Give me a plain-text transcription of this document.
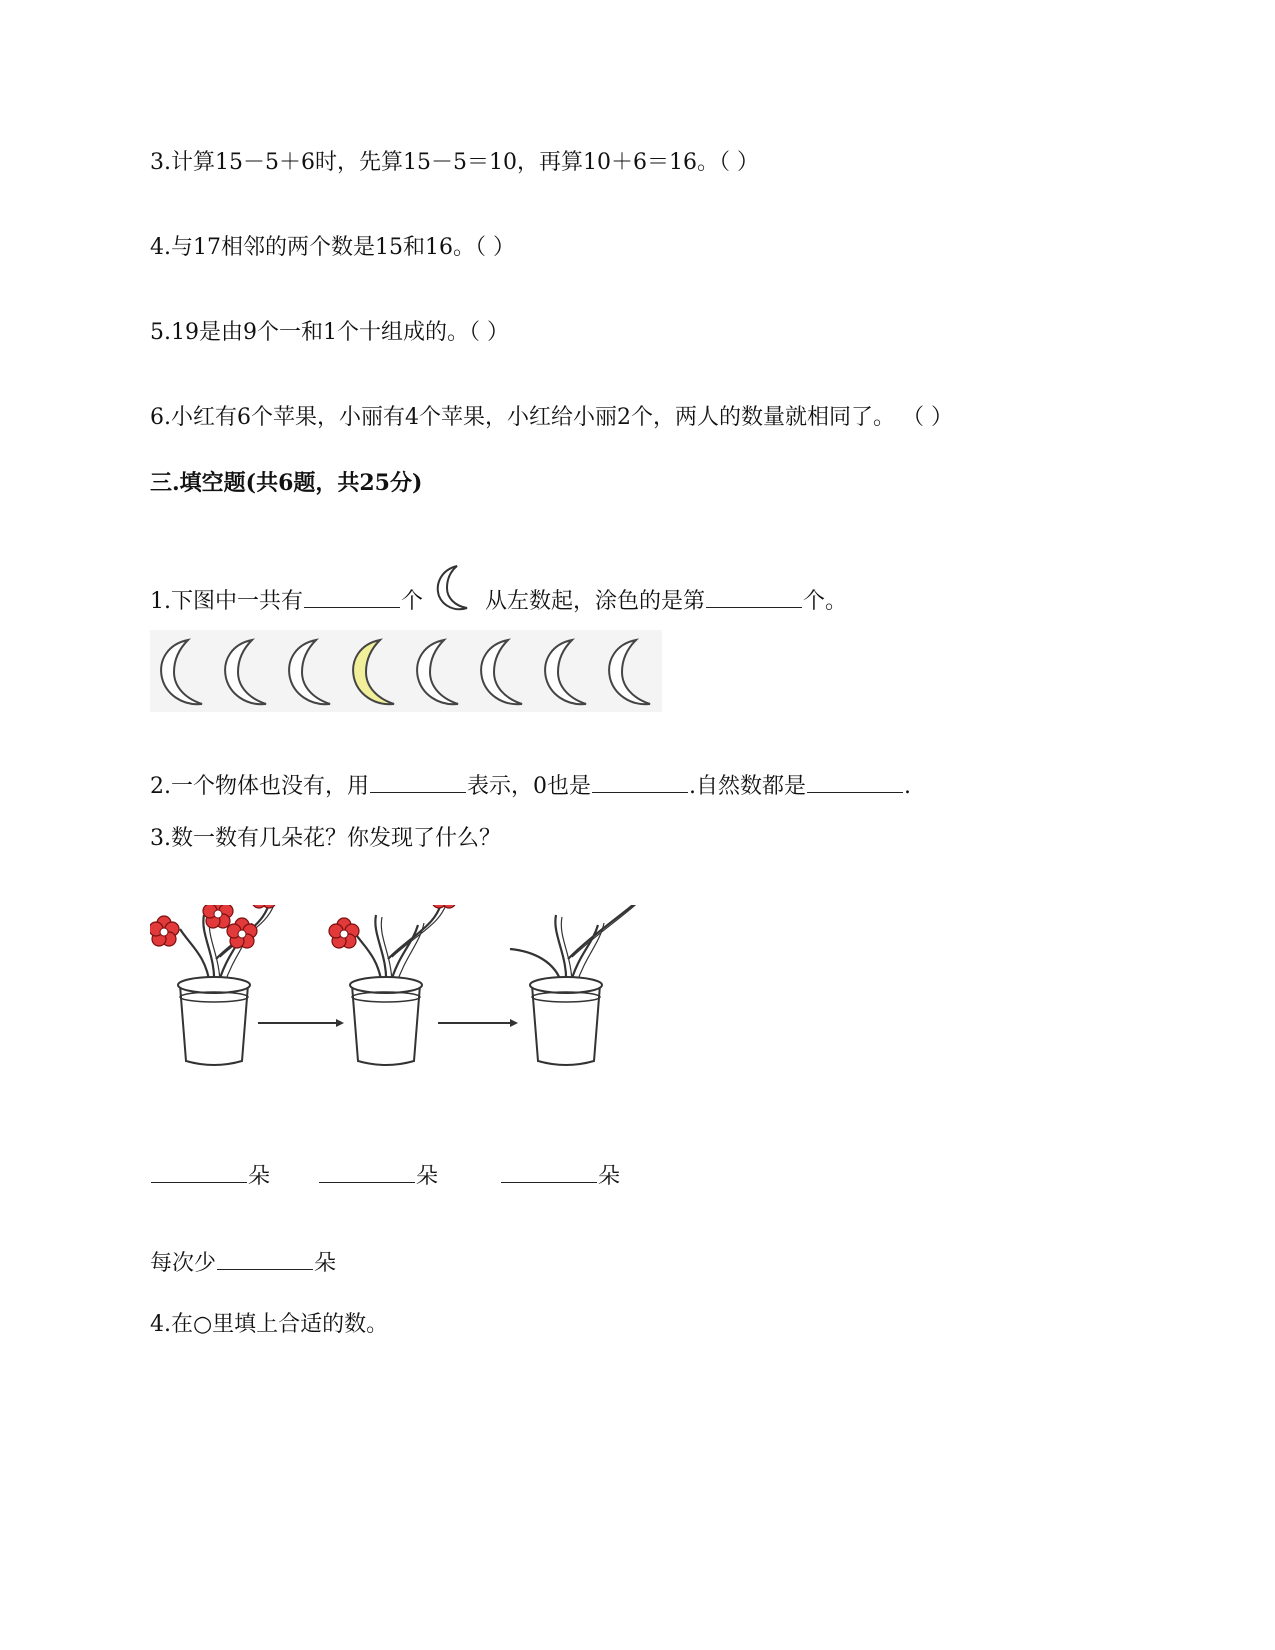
3.计算15－5＋6时，先算15－5＝10，再算10＋6＝16。（ ）
4.与17相邻的两个数是15和16。（ ）
5.19是由9个一和1个十组成的。（ ）
6.小红有6个苹果，小丽有4个苹果，小红给小丽2个，两人的数量就相同了。 （ ）
三.填空题(共6题，共25分)
1.下图中一共有	个	从左数起，涂色的是第	个。
2.一个物体也没有，用	表示，0也是	.自然数都是	.
3.数一数有几朵花？你发现了什么？
朵	朵	朵
每次少	朵
4.在○里填上合适的数。
